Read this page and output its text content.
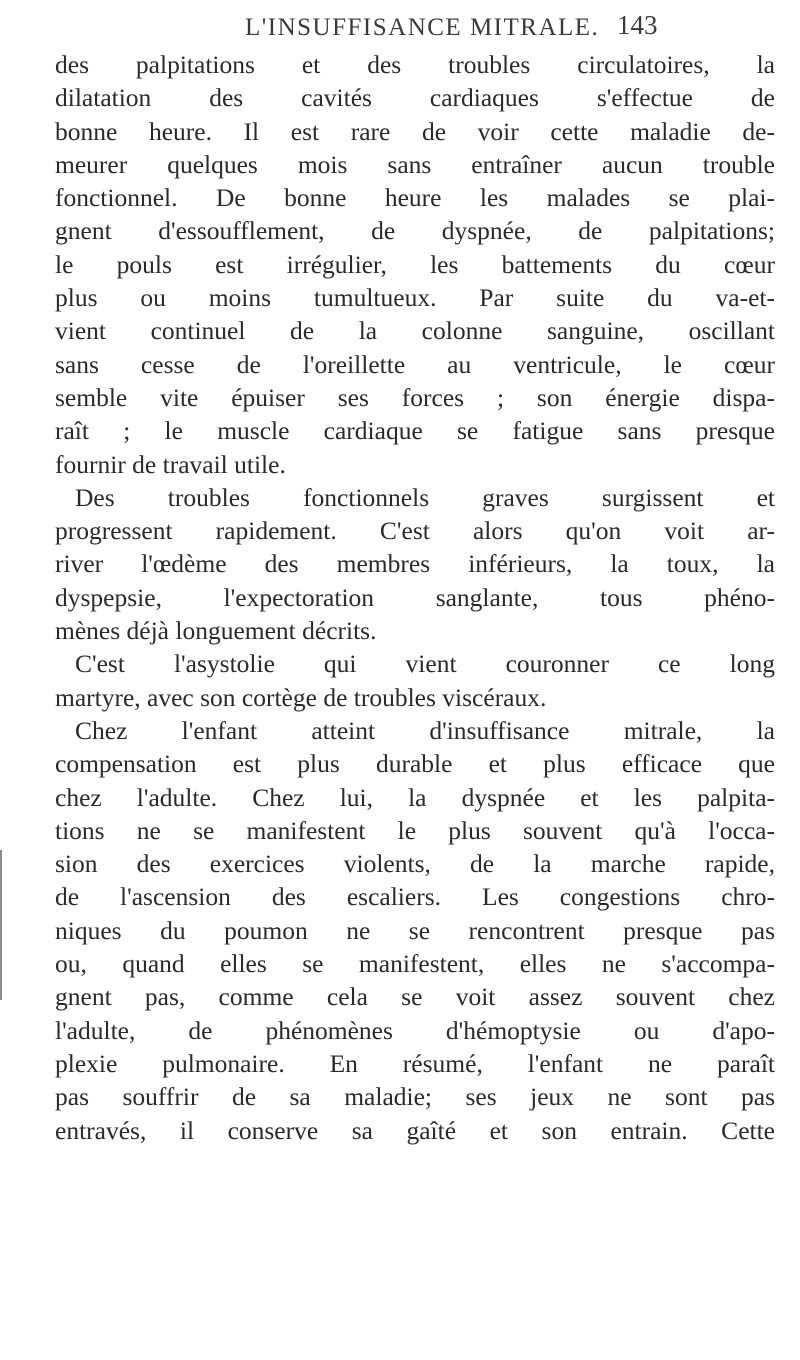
L'INSUFFISANCE MITRALE. 143
des palpitations et des troubles circulatoires, la
dilatation des cavités cardiaques s'effectue de
bonne heure. Il est rare de voir cette maladie de-
meurer quelques mois sans entraîner aucun trouble
fonctionnel. De bonne heure les malades se plai-
gnent d'essoufflement, de dyspnée, de palpitations;
le pouls est irrégulier, les battements du cœur
plus ou moins tumultueux. Par suite du va-et-
vient continuel de la colonne sanguine, oscillant
sans cesse de l'oreillette au ventricule, le cœur
semble vite épuiser ses forces ; son énergie dispa-
raît ; le muscle cardiaque se fatigue sans presque
fournir de travail utile.
Des troubles fonctionnels graves surgissent et
progressent rapidement. C'est alors qu'on voit ar-
river l'œdème des membres inférieurs, la toux, la
dyspepsie, l'expectoration sanglante, tous phéno-
mènes déjà longuement décrits.
C'est l'asystolie qui vient couronner ce long
martyre, avec son cortège de troubles viscéraux.
Chez l'enfant atteint d'insuffisance mitrale, la
compensation est plus durable et plus efficace que
chez l'adulte. Chez lui, la dyspnée et les palpita-
tions ne se manifestent le plus souvent qu'à l'occa-
sion des exercices violents, de la marche rapide,
de l'ascension des escaliers. Les congestions chro-
niques du poumon ne se rencontrent presque pas
ou, quand elles se manifestent, elles ne s'accompa-
gnent pas, comme cela se voit assez souvent chez
l'adulte, de phénomènes d'hémoptysie ou d'apo-
plexie pulmonaire. En résumé, l'enfant ne paraît
pas souffrir de sa maladie; ses jeux ne sont pas
entravés, il conserve sa gaîté et son entrain. Cette
